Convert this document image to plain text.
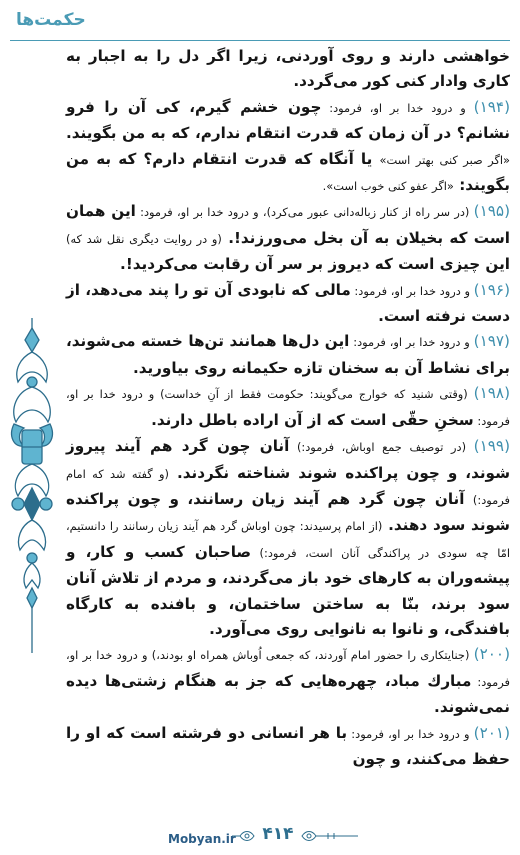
حکمت‌ها

خواهشی دارند و روی آوردنی، زیرا اگر دل را به اجبار به کاری وادار کنی کور می‌گردد.

(۱۹۴) و درود خدا بر او، فرمود: چون خشم گیرم، کی آن را فرو نشانم؟ در آن زمان که قدرت انتقام ندارم، که به من بگویند. «اگر صبر کنی بهتر است» یا آنگاه که قدرت انتقام دارم؟ که به من بگویند: «اگر عفو کنی خوب است».

(۱۹۵) (در سر راه از کنار زباله‌دانی عبور می‌کرد)، و درود خدا بر او، فرمود: این همان است که بخیلان به آن بخل می‌ورزند!. (و در روایت دیگری نقل شد که) این چیزی است که دیروز بر سر آن رقابت می‌کردید!.

(۱۹۶) و درود خدا بر او، فرمود: مالی که نابودی آن تو را پند می‌دهد، از دست نرفته است.

(۱۹۷) و درود خدا بر او، فرمود: این دل‌ها همانند تن‌ها خسته می‌شوند، برای نشاط آن به سخنان تازه حکیمانه روی بیاورید.

(۱۹۸) (وقتی شنید که خوارج می‌گویند: حکومت فقط از آنِ خداست) و درود خدا بر او، فرمود: سخنِ حقّی است که از آن اراده باطل دارند.

(۱۹۹) (در توصیف جمع اوباش، فرمود:) آنان چون گرد هم آیند پیروز شوند، و چون پراکنده شوند شناخته نگردند. (و گفته شد که امام فرمود:) آنان چون گرد هم آیند زیان رسانند، و چون پراکنده شوند سود دهند. (از امام پرسیدند: چون اوباش گرد هم آیند زیان رسانند را دانستیم، امّا چه سودی در پراکندگی آنان است، فرمود:) صاحبان کسب و کار، و پیشه‌وران به کارهای خود باز می‌گردند، و مردم از تلاش آنان سود برند، بنّا به ساختن ساختمان، و بافنده به کارگاه بافندگی، و نانوا به نانوایی روی می‌آورد.

(۲۰۰) (جنایتکاری را حضور امام آوردند، که جمعی اُوباش همراه او بودند،) و درود خدا بر او، فرمود: مبارك مباد، چهره‌هایی که جز به هنگام زشتی‌ها دیده نمی‌شوند.

(۲۰۱) و درود خدا بر او، فرمود: با هر انسانی دو فرشته است که او را حفظ می‌کنند، و چون

Mobyan.ir ۴۱۴
